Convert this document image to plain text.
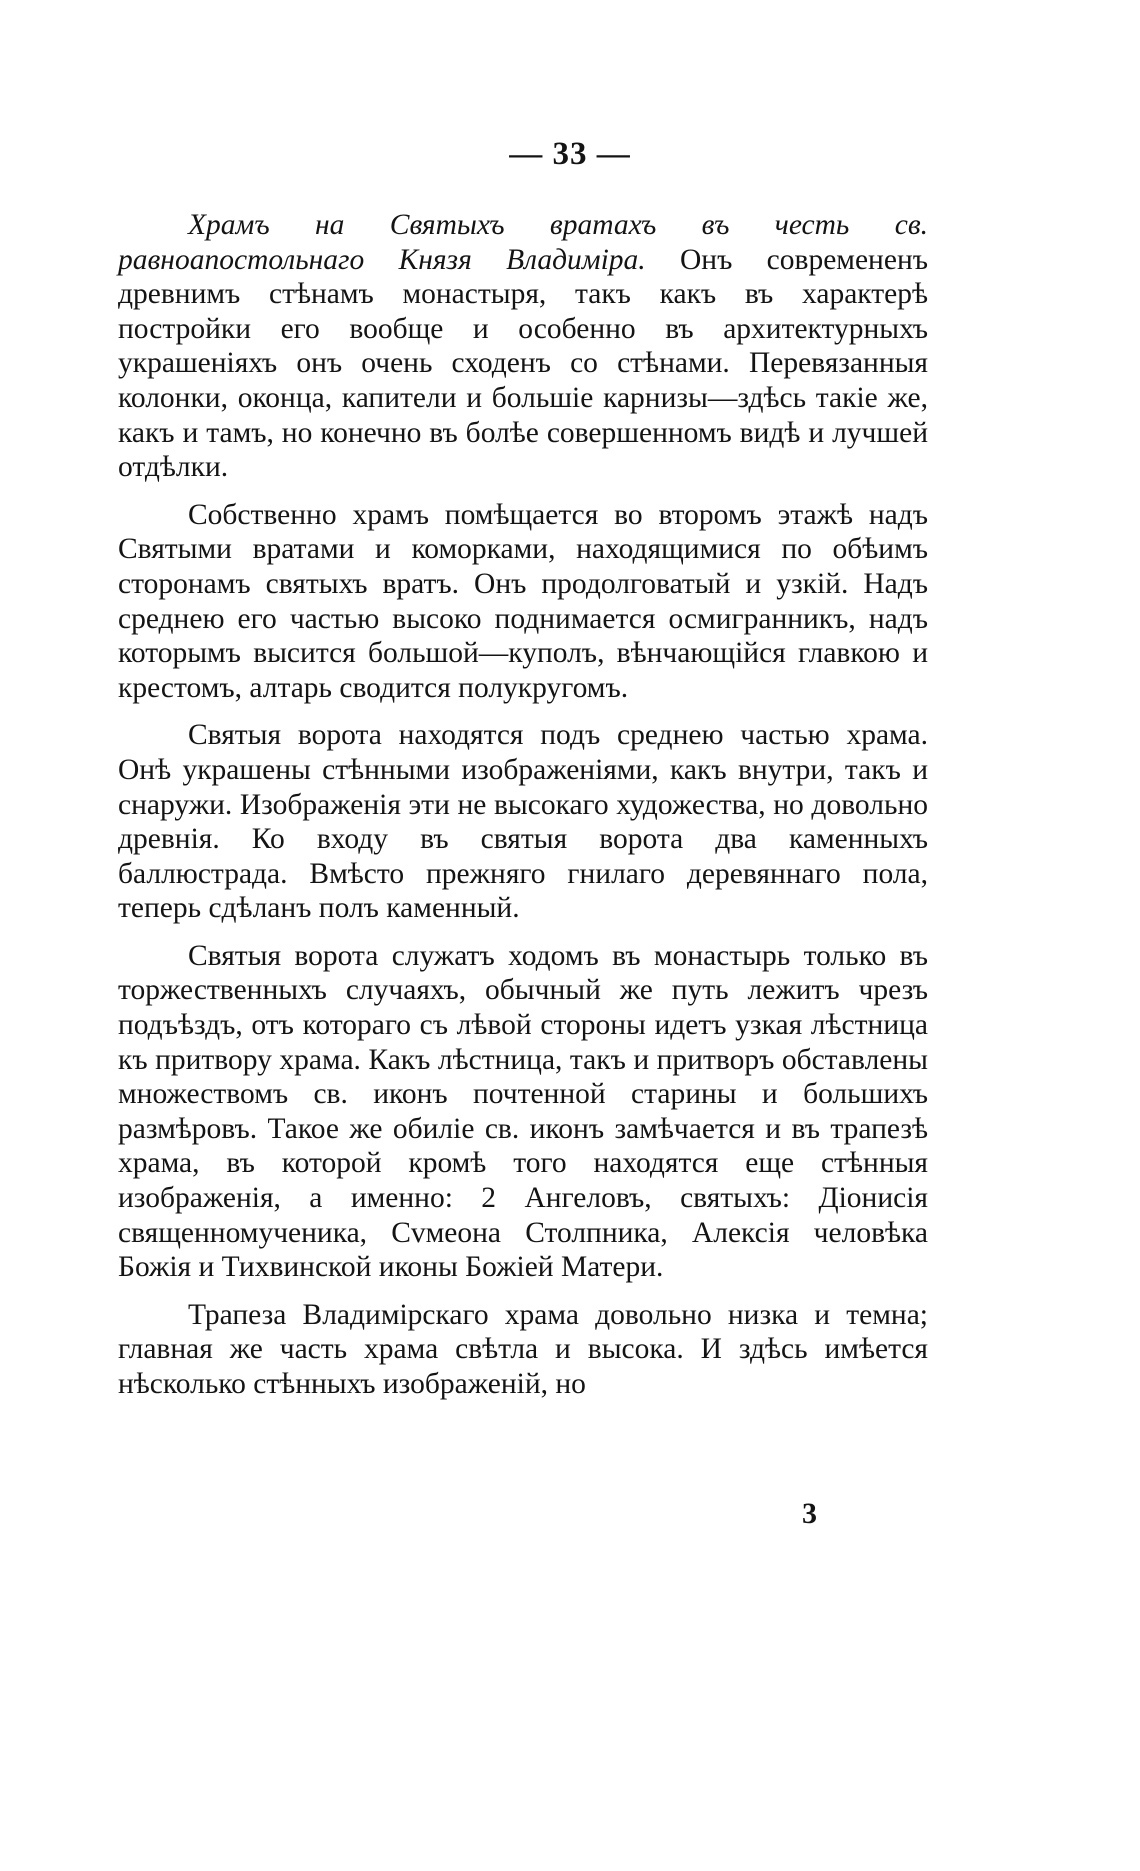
— 33 —

Храмъ на Святыхъ вратахъ въ честь св. равноапостольнаго Князя Владиміра. Онъ современенъ древнимъ стѣнамъ монастыря, такъ какъ въ характерѣ постройки его вообще и особенно въ архитектурныхъ украшеніяхъ онъ очень сходенъ со стѣнами. Перевязанныя колонки, оконца, капители и большіе карнизы—здѣсь такіе же, какъ и тамъ, но конечно въ болѣе совершенномъ видѣ и лучшей отдѣлки.

Собственно храмъ помѣщается во второмъ этажѣ надъ Святыми вратами и коморками, находящимися по обѣимъ сторонамъ святыхъ вратъ. Онъ продолговатый и узкій. Надъ среднею его частью высоко поднимается осмигранникъ, надъ которымъ высится большой—куполъ, вѣнчающійся главкою и крестомъ, алтарь сводится полукругомъ.

Святыя ворота находятся подъ среднею частью храма. Онѣ украшены стѣнными изображеніями, какъ внутри, такъ и снаружи. Изображенія эти не высокаго художества, но довольно древнія. Ко входу въ святыя ворота два каменныхъ баллюстрада. Вмѣсто прежняго гнилаго деревяннаго пола, теперь сдѣланъ полъ каменный.

Святыя ворота служатъ ходомъ въ монастырь только въ торжественныхъ случаяхъ, обычный же путь лежитъ чрезъ подъѣздъ, отъ котораго съ лѣвой стороны идетъ узкая лѣстница къ притвору храма. Какъ лѣстница, такъ и притворъ обставлены множествомъ св. иконъ почтенной старины и большихъ размѣровъ. Такое же обиліе св. иконъ замѣчается и въ трапезѣ храма, въ которой кромѣ того находятся еще стѣнныя изображенія, а именно: 2 Ангеловъ, святыхъ: Діонисія священномученика, Сvмеона Столпника, Алексія человѣка Божія и Тихвинской иконы Божіей Матери.

Трапеза Владимірскаго храма довольно низка и темна; главная же часть храма свѣтла и высока. И здѣсь имѣется нѣсколько стѣнныхъ изображеній, но

3
